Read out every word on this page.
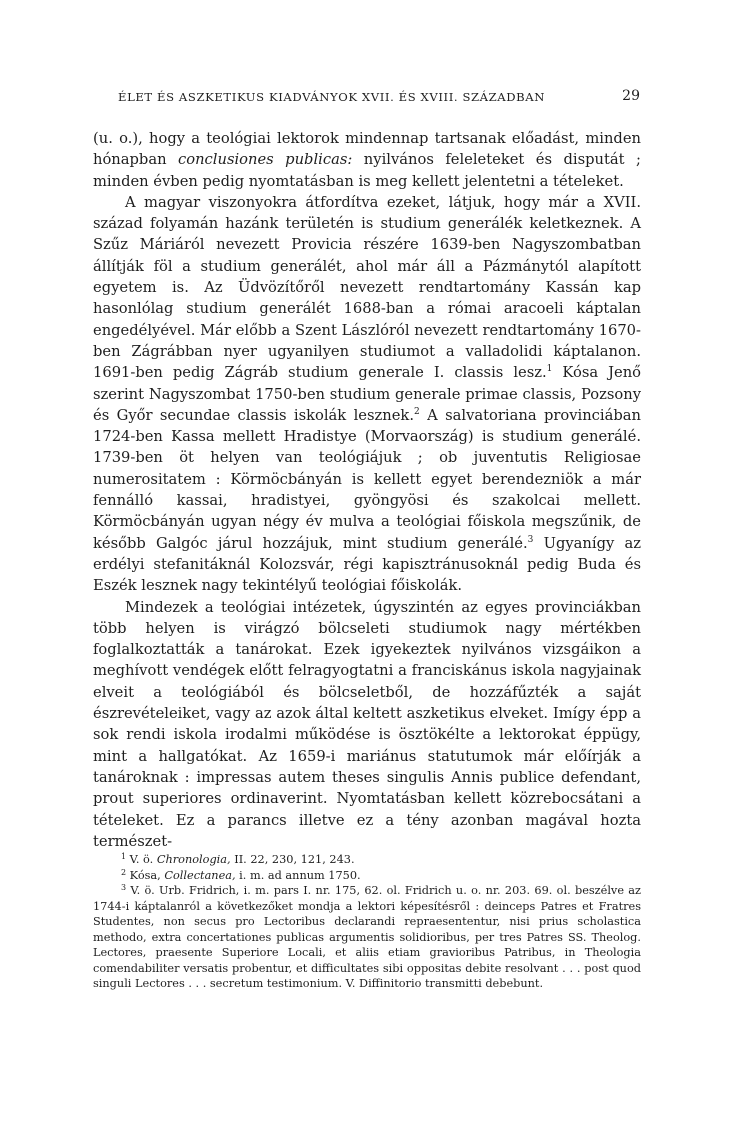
ÉLET ÉS ASZKETIKUS KIADVÁNYOK XVII. ÉS XVIII. SZÁZADBAN	29

(u. o.), hogy a teológiai lektorok mindennap tartsanak előadást, minden hónapban conclusiones publicas: nyilvános feleleteket és disputát ; minden évben pedig nyomtatásban is meg kellett jelentetni a tételeket.

A magyar viszonyokra átfordítva ezeket, látjuk, hogy már a XVII. század folyamán hazánk területén is studium generálék keletkeznek. A Szűz Máriáról nevezett Provicia részére 1639-ben Nagyszombatban állítják föl a studium generálét, ahol már áll a Pázmánytól alapított egyetem is. Az Üdvözítőről nevezett rendtartomány Kassán kap hasonlólag studium generálét 1688-ban a római aracoeli káptalan engedélyével. Már előbb a Szent Lászlóról nevezett rendtartomány 1670-ben Zágrábban nyer ugyanilyen studiumot a valladolidi káptalanon. 1691-ben pedig Zágráb studium generale I. classis lesz.$^1$ Kósa Jenő szerint Nagyszombat 1750-ben studium generale primae classis, Pozsony és Győr secundae classis iskolák lesznek.$^2$ A salvatoriana provinciában 1724-ben Kassa mellett Hradistye (Morvaország) is studium generálé. 1739-ben öt helyen van teológiájuk ; ob juventutis Religiosae numerositatem : Körmöcbányán is kellett egyet berendezniök a már fennálló kassai, hradistyei, gyöngyösi és szakolcai mellett. Körmöcbányán ugyan négy év mulva a teológiai főiskola megszűnik, de később Galgóc járul hozzájuk, mint studium generálé.$^3$ Ugyanígy az erdélyi stefanitáknál Kolozsvár, régi kapisztránusoknál pedig Buda és Eszék lesznek nagy tekintélyű teológiai főiskolák.

Mindezek a teológiai intézetek, úgyszintén az egyes provinciákban több helyen is virágzó bölcseleti studiumok nagy mértékben foglalkoztatták a tanárokat. Ezek igyekeztek nyilvános vizsgáikon a meghívott vendégek előtt felragyogtatni a franciskánus iskola nagyjainak elveit a teológiából és bölcseletből, de hozzáfűzték a saját észrevételeiket, vagy az azok által keltett aszketikus elveket. Imígy épp a sok rendi iskola irodalmi működése is ösztökélte a lektorokat éppügy, mint a hallgatókat. Az 1659-i mariánus statutumok már előírják a tanároknak : impressas autem theses singulis Annis publice defendant, prout superiores ordinaverint. Nyomtatásban kellett közrebocsátani a tételeket. Ez a parancs illetve ez a tény azonban magával hozta természet-

$^1$ V. ö. Chronologia, II. 22, 230, 121, 243.

$^2$ Kósa, Collectanea, i. m. ad annum 1750.

$^3$ V. ö. Urb. Fridrich, i. m. pars I. nr. 175, 62. ol. Fridrich u. o. nr. 203. 69. ol. beszélve az 1744-i káptalanról a következőket mondja a lektori képesítésről : deinceps Patres et Fratres Studentes, non secus pro Lectoribus declarandi repraesententur, nisi prius scholastica methodo, extra concertationes publicas argumentis solidioribus, per tres Patres SS. Theolog. Lectores, praesente Superiore Locali, et aliis etiam gravioribus Patribus, in Theologia comendabiliter versatis probentur, et difficultates sibi oppositas debite resolvant . . . post quod singuli Lectores . . . secretum testimonium. V. Diffinitorio transmitti debebunt.
